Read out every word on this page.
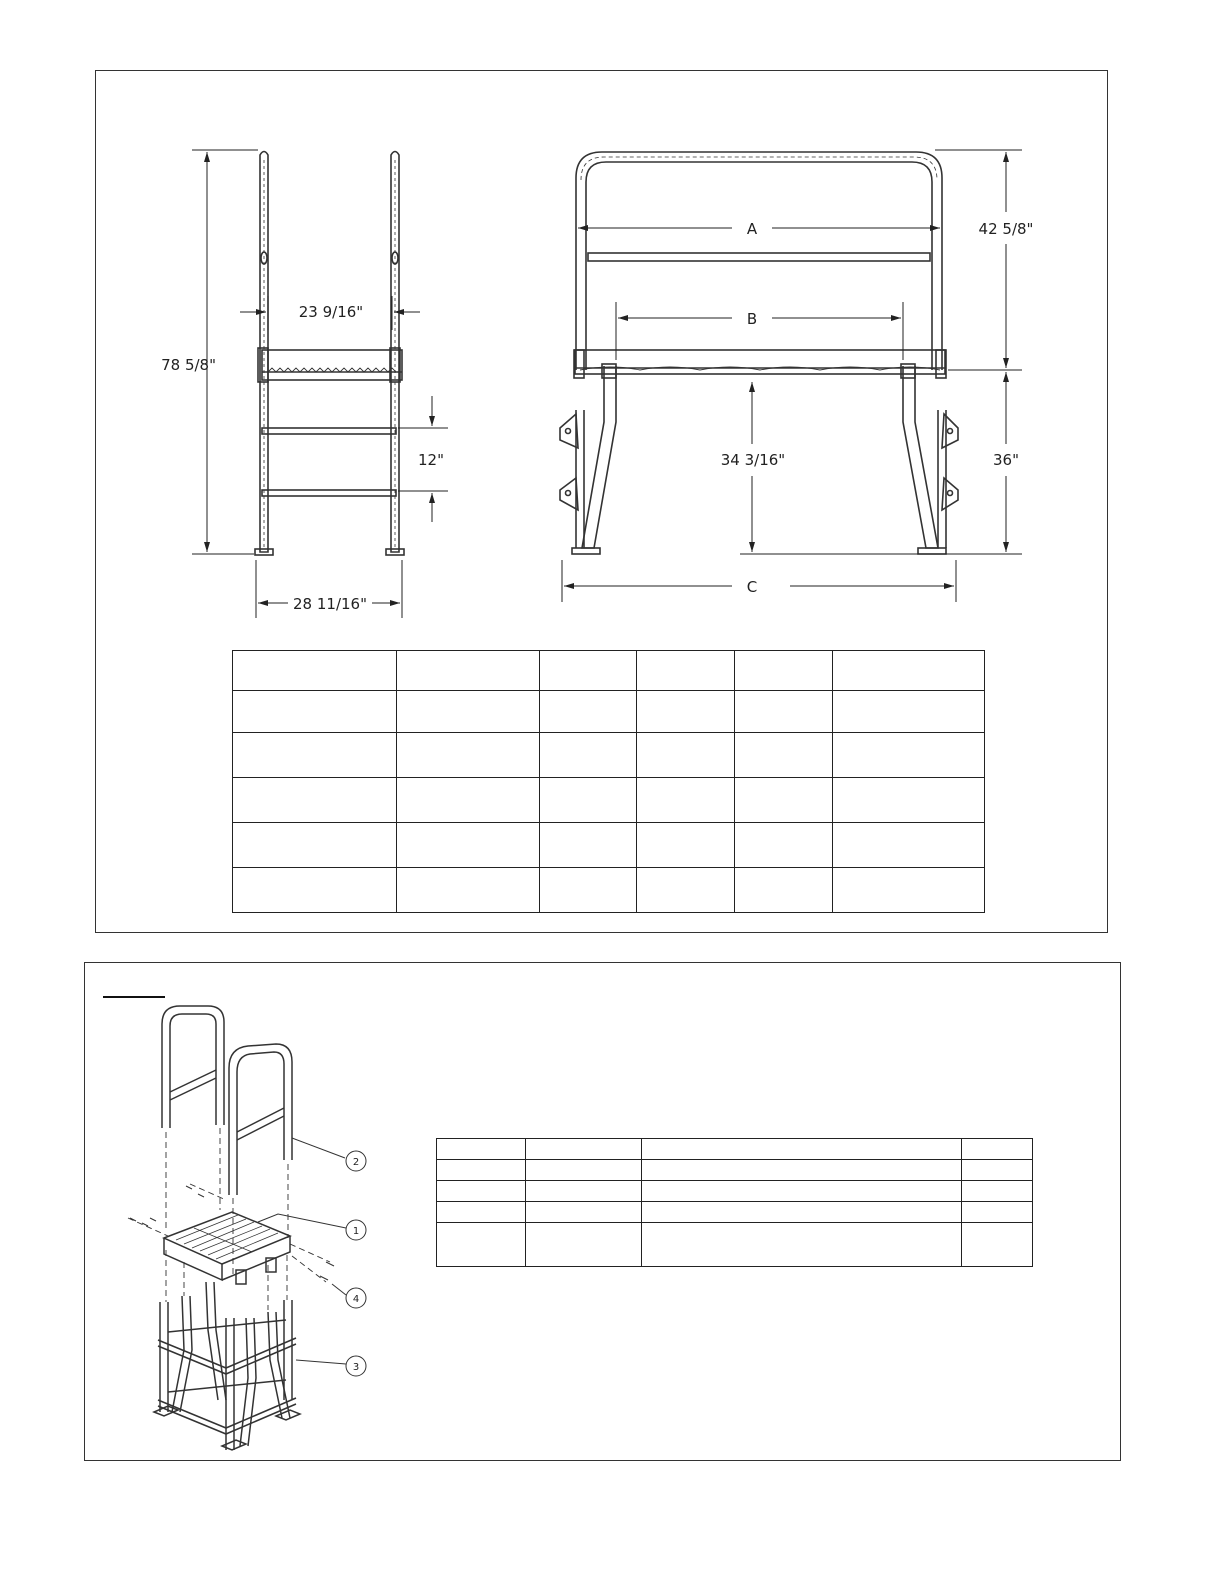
78 5/8"
23 9/16"
12"
28 11/16"
A
B
C
42 5/8"
36"
34 3/16"

2
1
4
3
